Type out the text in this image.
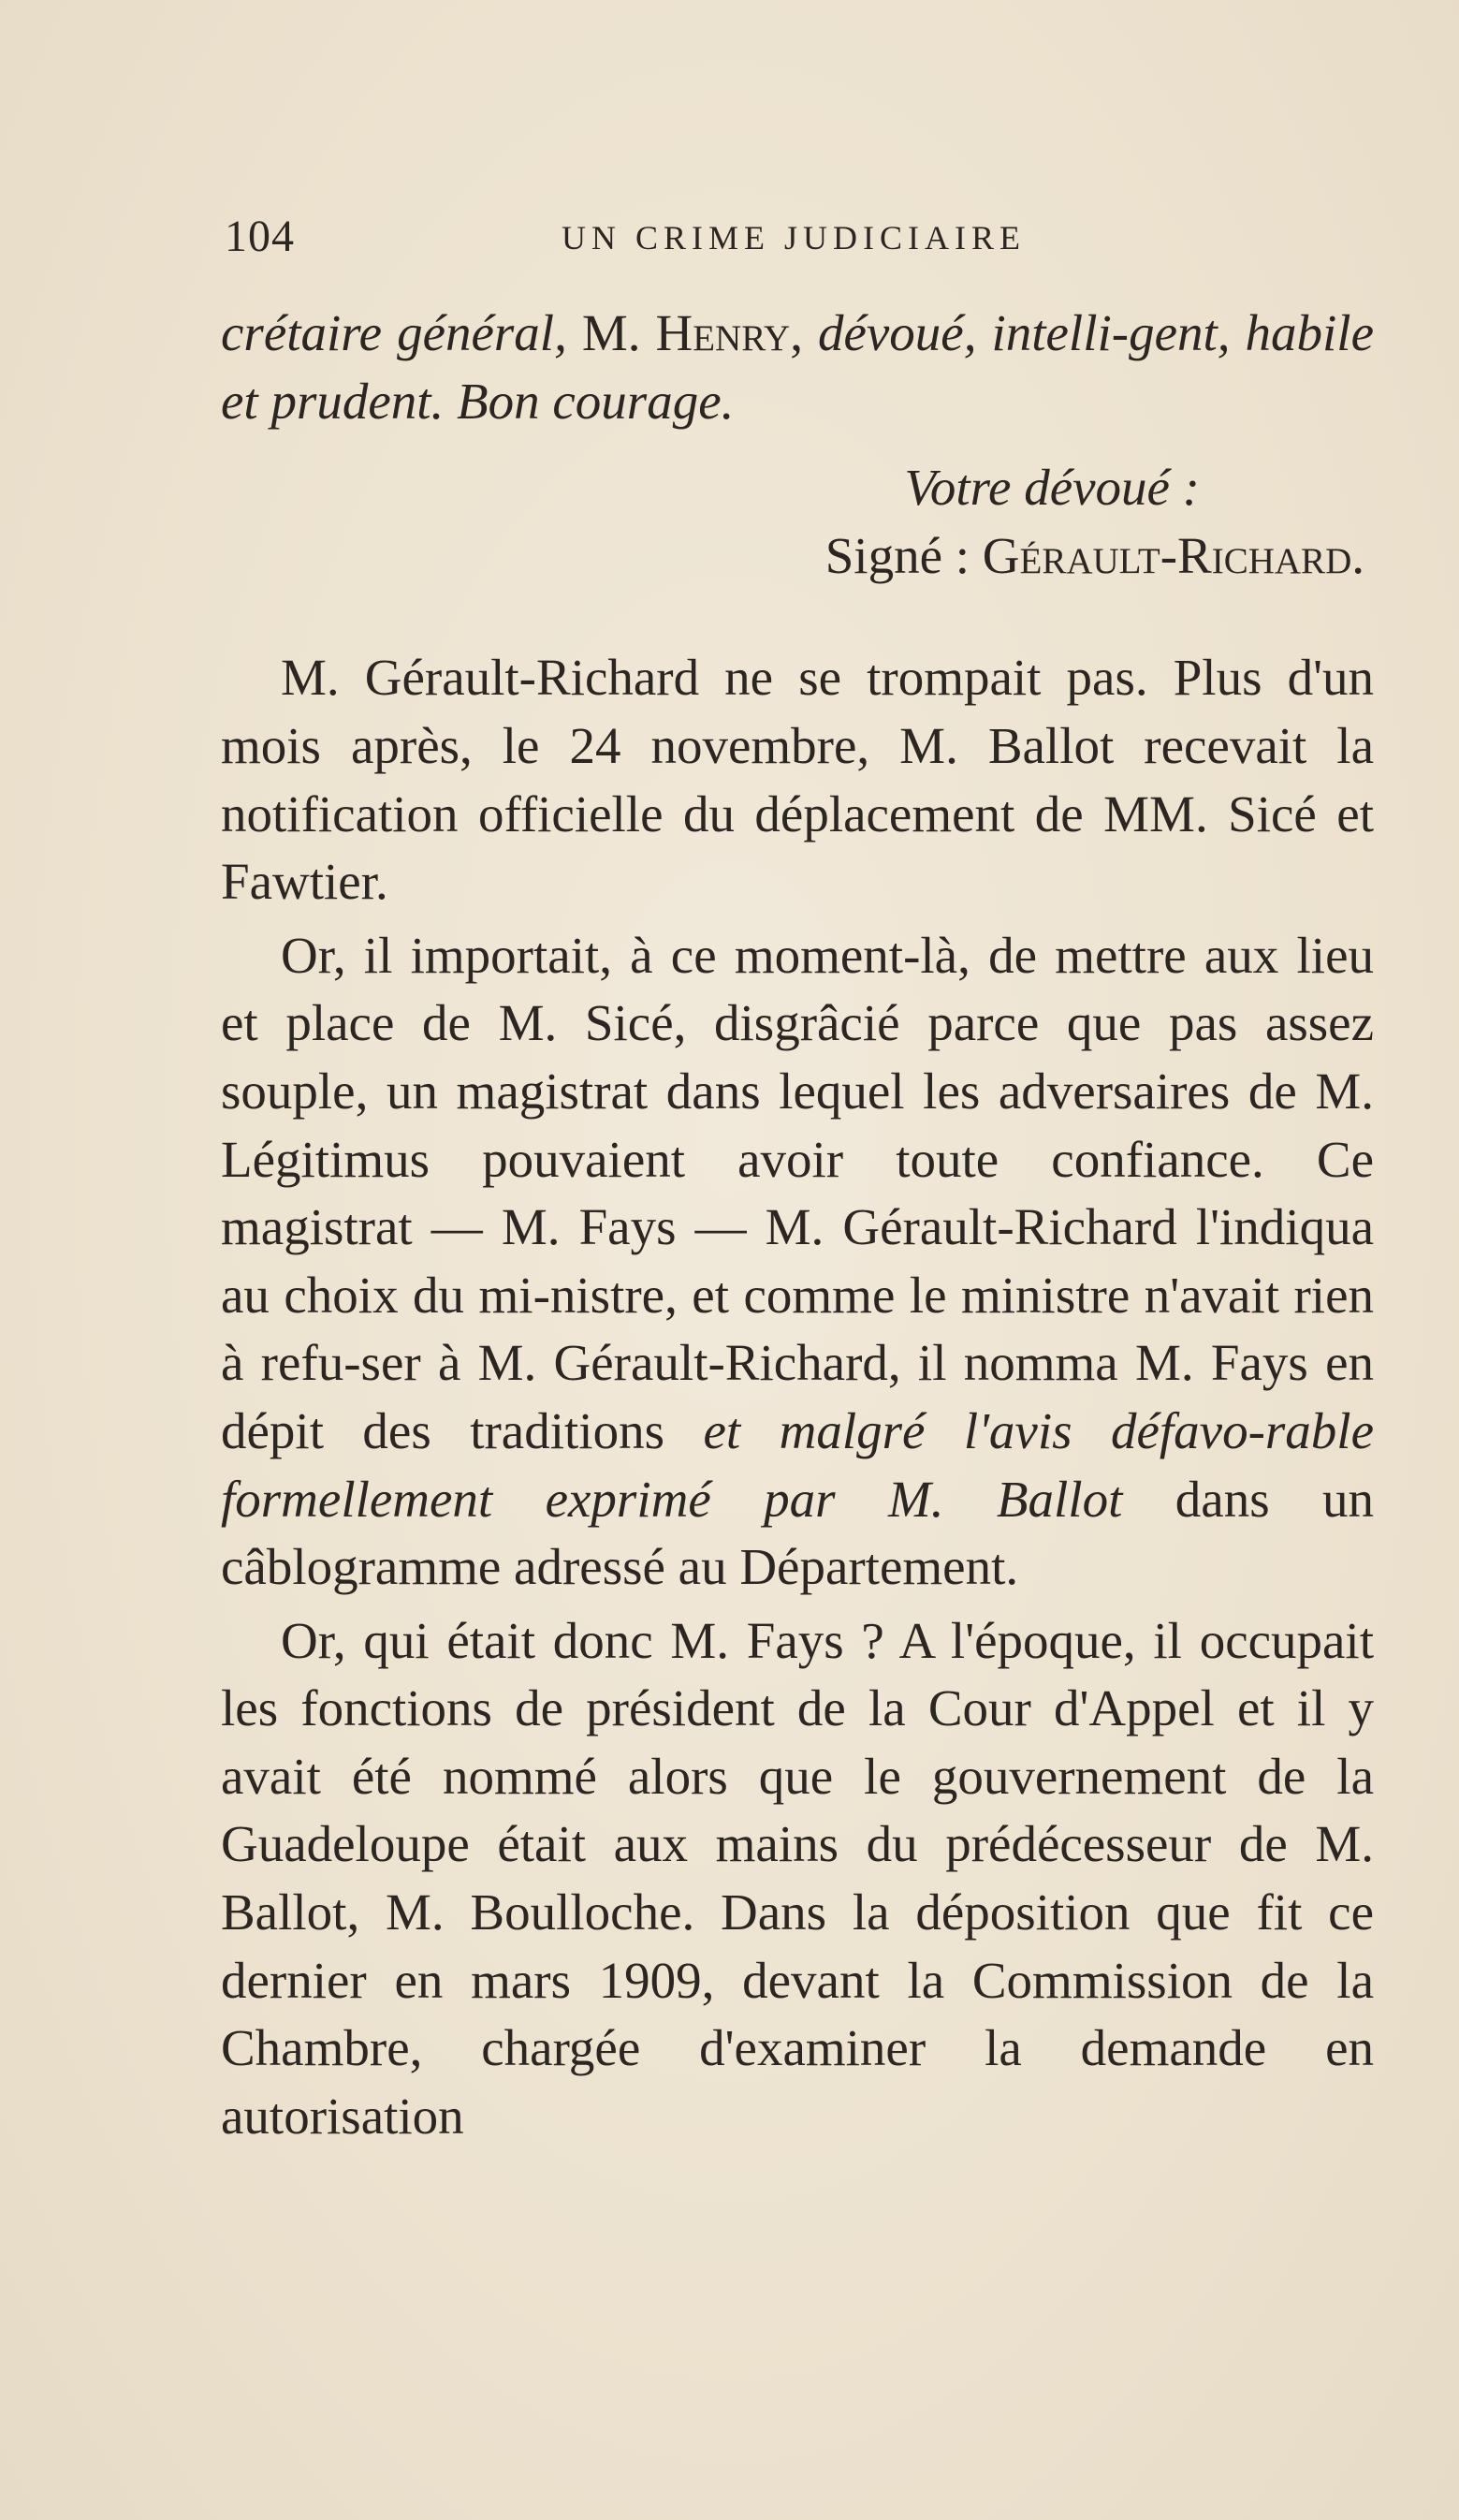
104	UN CRIME JUDICIAIRE

crétaire général, M. Henry, dévoué, intelli-gent, habile et prudent. Bon courage.

Votre dévoué :

Signé : Gérault-Richard.

M. Gérault-Richard ne se trompait pas. Plus d'un mois après, le 24 novembre, M. Ballot recevait la notification officielle du déplacement de MM. Sicé et Fawtier.

Or, il importait, à ce moment-là, de mettre aux lieu et place de M. Sicé, disgrâcié parce que pas assez souple, un magistrat dans lequel les adversaires de M. Légitimus pouvaient avoir toute confiance. Ce magistrat — M. Fays — M. Gérault-Richard l'indiqua au choix du mi-nistre, et comme le ministre n'avait rien à refu-ser à M. Gérault-Richard, il nomma M. Fays en dépit des traditions et malgré l'avis défavo-rable formellement exprimé par M. Ballot dans un câblogramme adressé au Département.

Or, qui était donc M. Fays ? A l'époque, il occupait les fonctions de président de la Cour d'Appel et il y avait été nommé alors que le gouvernement de la Guadeloupe était aux mains du prédécesseur de M. Ballot, M. Boulloche. Dans la déposition que fit ce dernier en mars 1909, devant la Commission de la Chambre, chargée d'examiner la demande en autorisation
